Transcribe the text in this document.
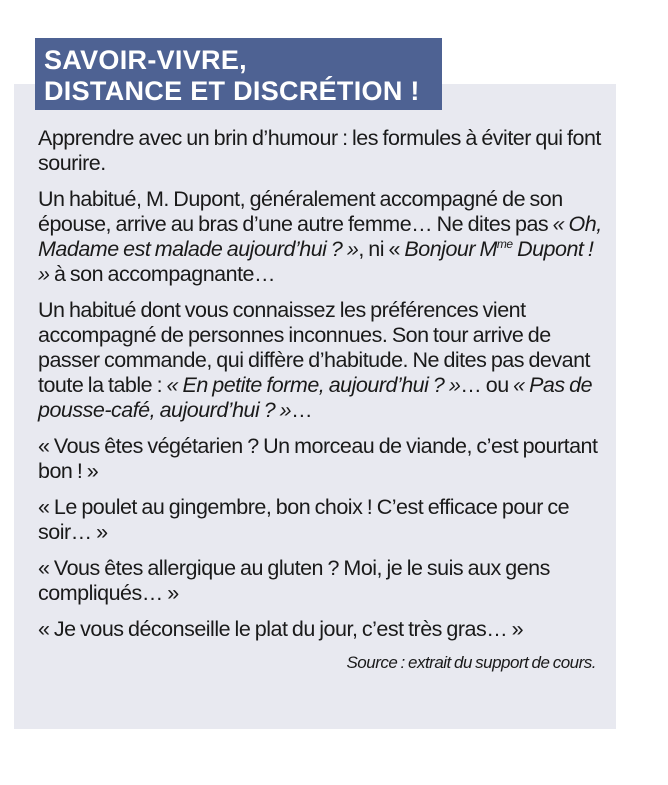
SAVOIR-VIVRE,
DISTANCE ET DISCRÉTION !

Apprendre avec un brin d’humour : les formules à éviter qui font sourire.

Un habitué, M. Dupont, généralement accompagné de son épouse, arrive au bras d’une autre femme… Ne dites pas « Oh, Madame est malade aujourd’hui ? », ni « Bonjour $M^{me}$ Dupont ! » à son accompagnante…

Un habitué dont vous connaissez les préférences vient accompagné de personnes inconnues. Son tour arrive de passer commande, qui diffère d’habitude. Ne dites pas devant toute la table : « En petite forme, aujourd’hui ? »… ou « Pas de pousse-café, aujourd’hui ? »…

« Vous êtes végétarien ? Un morceau de viande, c’est pourtant bon ! »

« Le poulet au gingembre, bon choix ! C’est efficace pour ce soir… »

« Vous êtes allergique au gluten ? Moi, je le suis aux gens compliqués… »

« Je vous déconseille le plat du jour, c’est très gras… »

Source : extrait du support de cours.
